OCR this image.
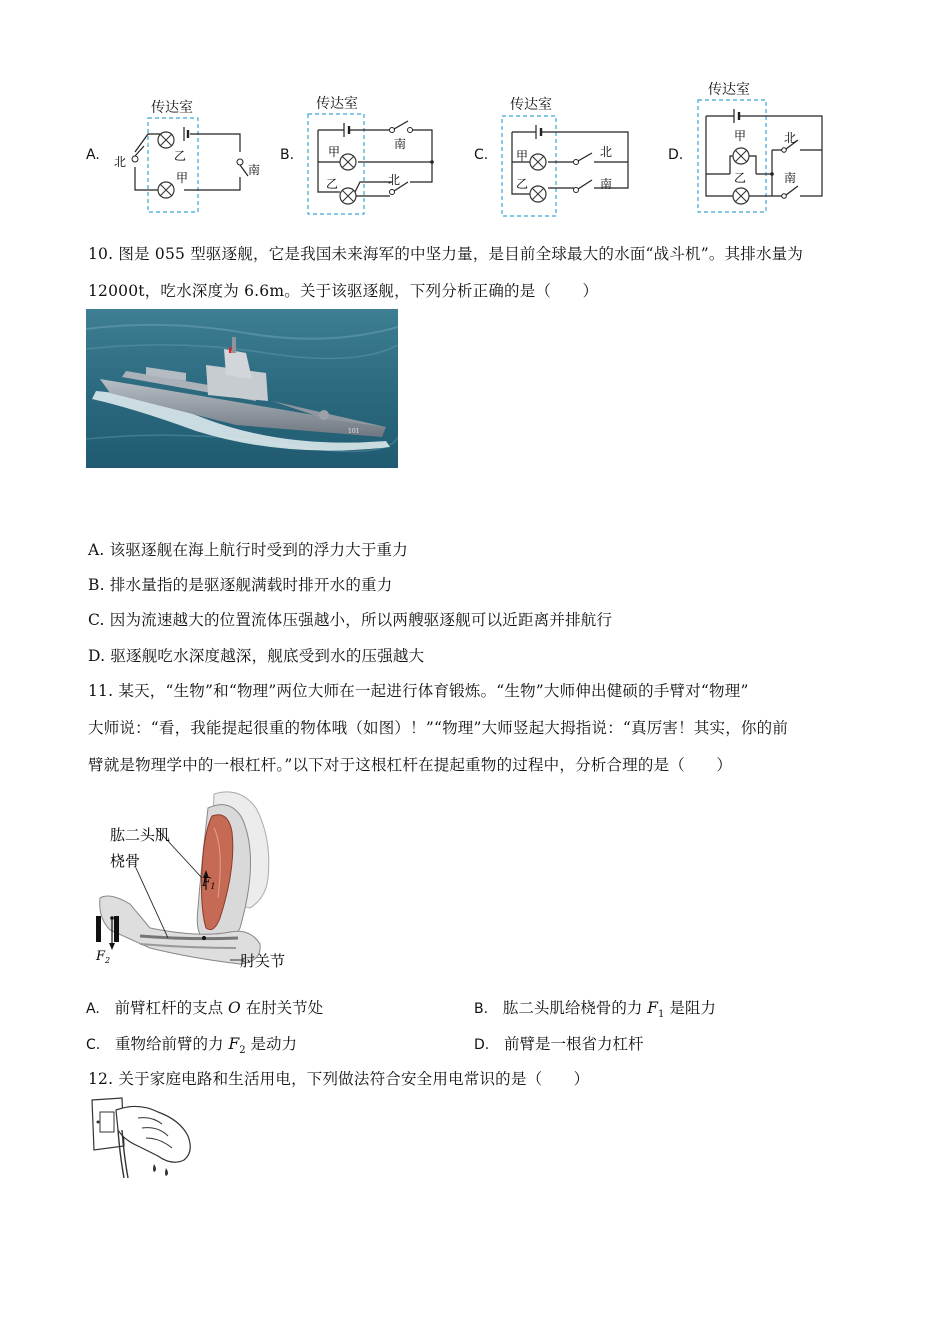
A.
传达室
乙
甲
北
南
B.
传达室
甲
乙
南
北
C.
传达室
甲
乙
北
南
D.
传达室
甲
乙
北
南
10. 图是 055 型驱逐舰，它是我国未来海军的中坚力量，是目前全球最大的水面“战斗机”。其排水量为
12000t，吃水深度为 6.6m。关于该驱逐舰，下列分析正确的是（　　）
101
A. 该驱逐舰在海上航行时受到的浮力大于重力
B. 排水量指的是驱逐舰满载时排开水的重力
C. 因为流速越大的位置流体压强越小，所以两艘驱逐舰可以近距离并排航行
D. 驱逐舰吃水深度越深，舰底受到水的压强越大
11. 某天，“生物”和“物理”两位大师在一起进行体育锻炼。“生物”大师伸出健硕的手臂对“物理”
大师说：“看，我能提起很重的物体哦（如图）！”“物理”大师竖起大拇指说：“真厉害！其实，你的前
臂就是物理学中的一根杠杆。”以下对于这根杠杆在提起重物的过程中，分析合理的是（　　）
肱二头肌
桡骨
肘关节
$F_1$
$F_2$
A. 前臂杠杆的支点 O 在肘关节处	B. 肱二头肌给桡骨的力 $F_1$ 是阻力
C. 重物给前臂的力 $F_2$ 是动力	D. 前臂是一根省力杠杆
12. 关于家庭电路和生活用电，下列做法符合安全用电常识的是（　　）
